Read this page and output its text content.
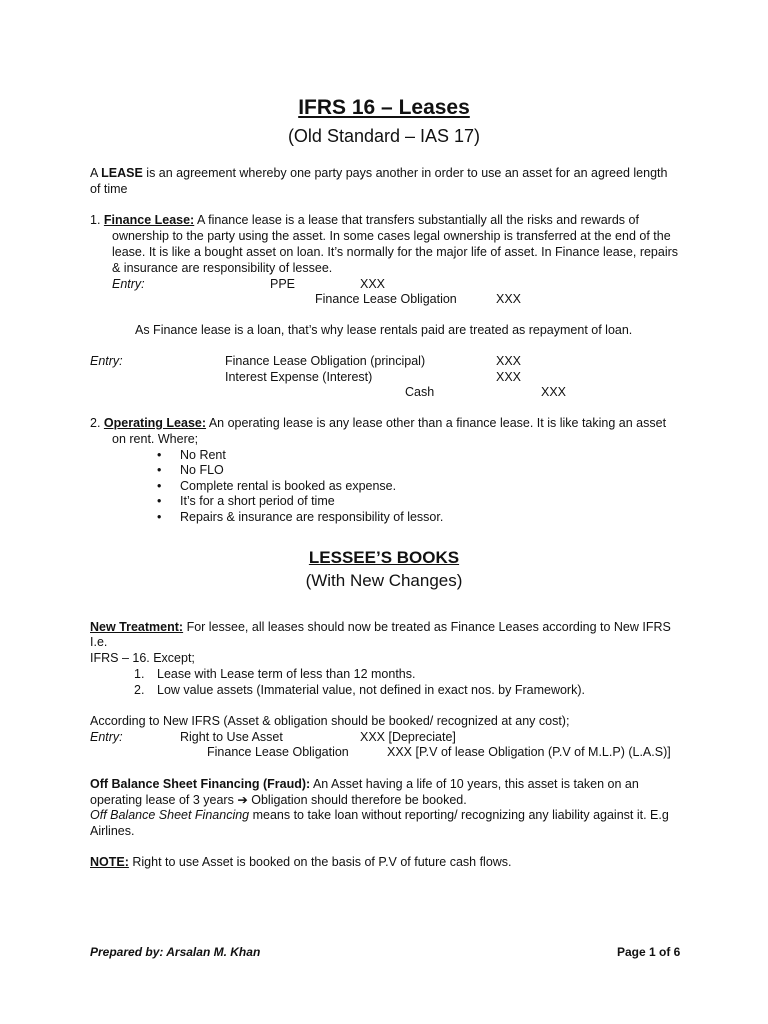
IFRS 16 – Leases
(Old Standard – IAS 17)
A LEASE is an agreement whereby one party pays another in order to use an asset for an agreed length
of time
1. Finance Lease: A finance lease is a lease that transfers substantially all the risks and rewards of
ownership to the party using the asset. In some cases legal ownership is transferred at the end of the
lease. It is like a bought asset on loan. It’s normally for the major life of asset. In Finance lease, repairs
& insurance are responsibility of lessee.
Entry:	PPE	XXX
Finance Lease Obligation	XXX
As Finance lease is a loan, that’s why lease rentals paid are treated as repayment of loan.
Entry:	Finance Lease Obligation (principal)	XXX
Interest Expense (Interest)	XXX
Cash	XXX
2. Operating Lease: An operating lease is any lease other than a finance lease. It is like taking an asset
on rent. Where;
• No Rent
• No FLO
• Complete rental is booked as expense.
• It’s for a short period of time
• Repairs & insurance are responsibility of lessor.
LESSEE’S BOOKS
(With New Changes)
New Treatment: For lessee, all leases should now be treated as Finance Leases according to New IFRS
I.e.
IFRS – 16. Except;
1. Lease with Lease term of less than 12 months.
2. Low value assets (Immaterial value, not defined in exact nos. by Framework).
According to New IFRS (Asset & obligation should be booked/ recognized at any cost);
Entry:	Right to Use Asset	XXX [Depreciate]
Finance Lease Obligation	XXX [P.V of lease Obligation (P.V of M.L.P) (L.A.S)]
Off Balance Sheet Financing (Fraud): An Asset having a life of 10 years, this asset is taken on an
operating lease of 3 years ➔ Obligation should therefore be booked.
Off Balance Sheet Financing means to take loan without reporting/ recognizing any liability against it. E.g
Airlines.
NOTE: Right to use Asset is booked on the basis of P.V of future cash flows.
Prepared by: Arsalan M. Khan	Page 1 of 6
